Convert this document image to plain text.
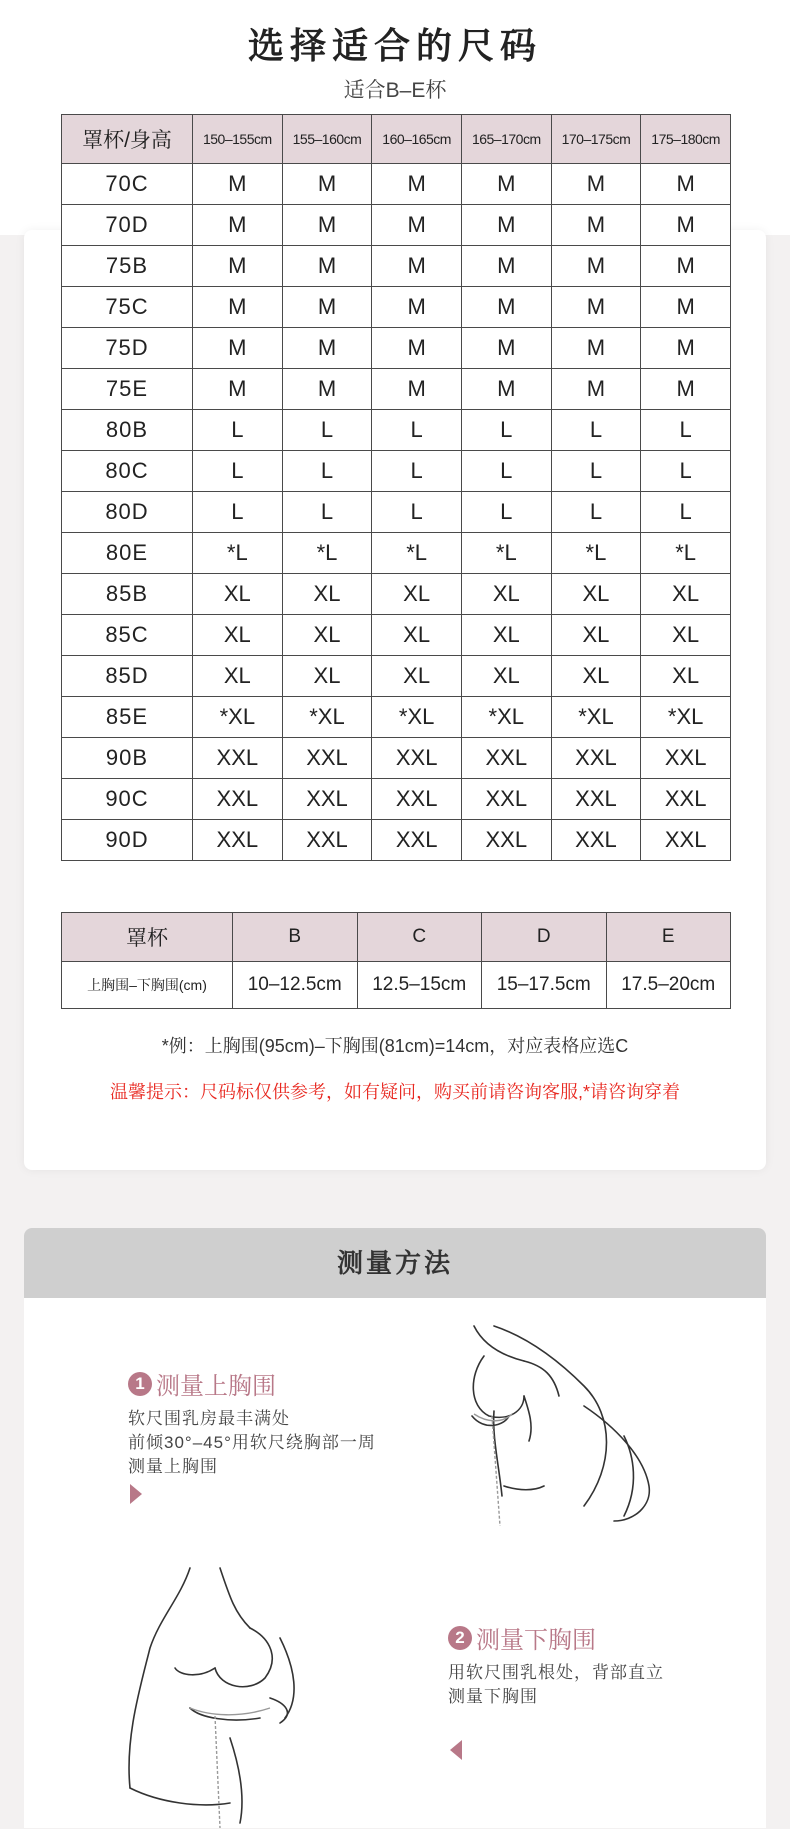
选择适合的尺码
适合B–E杯
罩杯/身高	150–155cm	155–160cm	160–165cm	165–170cm	170–175cm	175–180cm
70C	M	M	M	M	M	M
70D	M	M	M	M	M	M
75B	M	M	M	M	M	M
75C	M	M	M	M	M	M
75D	M	M	M	M	M	M
75E	M	M	M	M	M	M
80B	L	L	L	L	L	L
80C	L	L	L	L	L	L
80D	L	L	L	L	L	L
80E	*L	*L	*L	*L	*L	*L
85B	XL	XL	XL	XL	XL	XL
85C	XL	XL	XL	XL	XL	XL
85D	XL	XL	XL	XL	XL	XL
85E	*XL	*XL	*XL	*XL	*XL	*XL
90B	XXL	XXL	XXL	XXL	XXL	XXL
90C	XXL	XXL	XXL	XXL	XXL	XXL
90D	XXL	XXL	XXL	XXL	XXL	XXL
罩杯	B	C	D	E
上胸围–下胸围(cm)	10–12.5cm	12.5–15cm	15–17.5cm	17.5–20cm
*例：上胸围(95cm)–下胸围(81cm)=14cm，对应表格应选C
温馨提示：尺码标仅供参考，如有疑问，购买前请咨询客服,*请咨询穿着
测量方法
1 测量上胸围
软尺围乳房最丰满处
前倾30°–45°用软尺绕胸部一周
测量上胸围
2 测量下胸围
用软尺围乳根处，背部直立
测量下胸围
